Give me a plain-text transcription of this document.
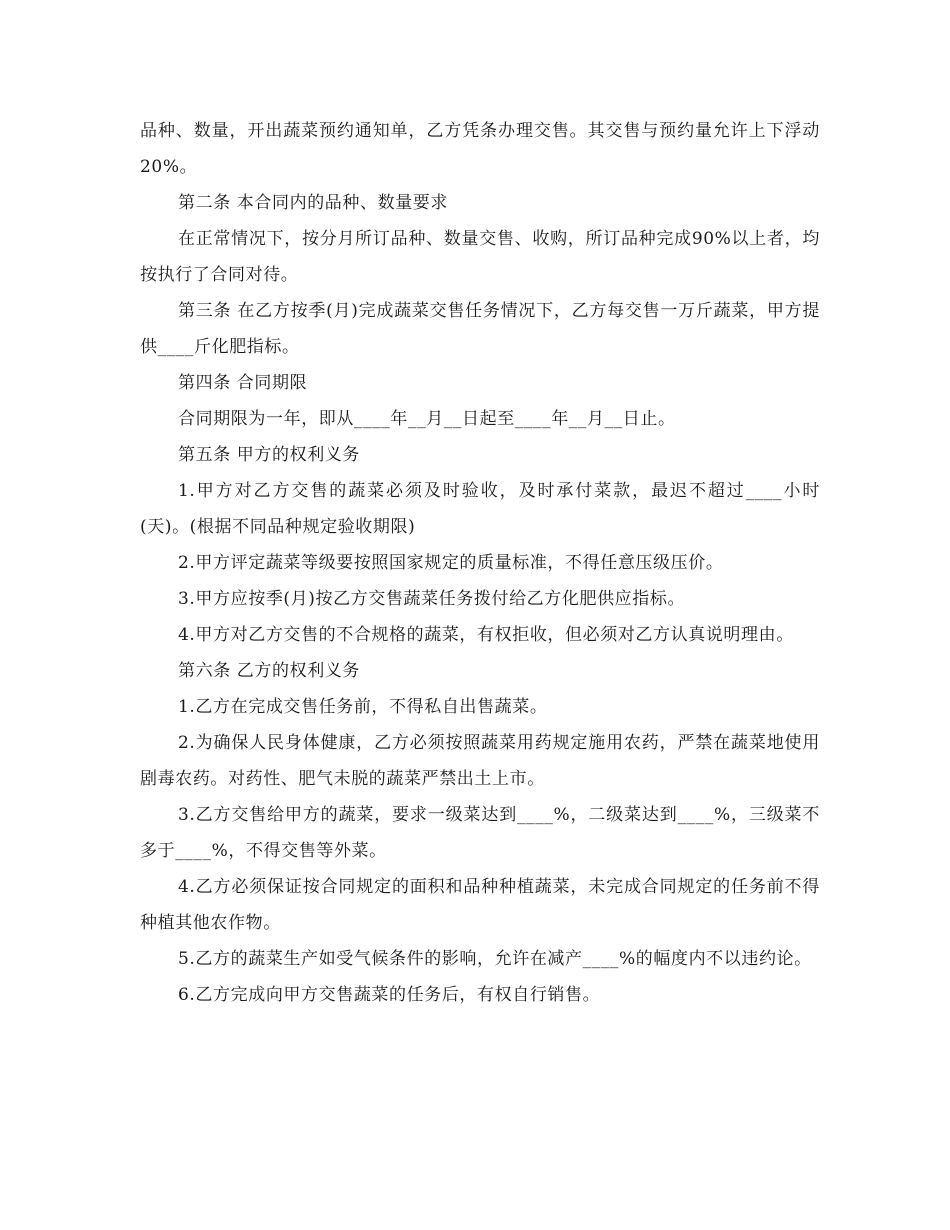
品种、数量，开出蔬菜预约通知单，乙方凭条办理交售。其交售与预约量允许上下浮动20%。

第二条 本合同内的品种、数量要求

在正常情况下，按分月所订品种、数量交售、收购，所订品种完成90%以上者，均按执行了合同对待。

第三条 在乙方按季(月)完成蔬菜交售任务情况下，乙方每交售一万斤蔬菜，甲方提供____斤化肥指标。

第四条 合同期限

合同期限为一年，即从____年__月__日起至____年__月__日止。

第五条 甲方的权利义务

1.甲方对乙方交售的蔬菜必须及时验收，及时承付菜款，最迟不超过____小时(天)。(根据不同品种规定验收期限)

2.甲方评定蔬菜等级要按照国家规定的质量标准，不得任意压级压价。

3.甲方应按季(月)按乙方交售蔬菜任务拨付给乙方化肥供应指标。

4.甲方对乙方交售的不合规格的蔬菜，有权拒收，但必须对乙方认真说明理由。

第六条 乙方的权利义务

1.乙方在完成交售任务前，不得私自出售蔬菜。

2.为确保人民身体健康，乙方必须按照蔬菜用药规定施用农药，严禁在蔬菜地使用剧毒农药。对药性、肥气未脱的蔬菜严禁出土上市。

3.乙方交售给甲方的蔬菜，要求一级菜达到____%，二级菜达到____%，三级菜不多于____%，不得交售等外菜。

4.乙方必须保证按合同规定的面积和品种种植蔬菜，未完成合同规定的任务前不得种植其他农作物。

5.乙方的蔬菜生产如受气候条件的影响，允许在减产____%的幅度内不以违约论。

6.乙方完成向甲方交售蔬菜的任务后，有权自行销售。
